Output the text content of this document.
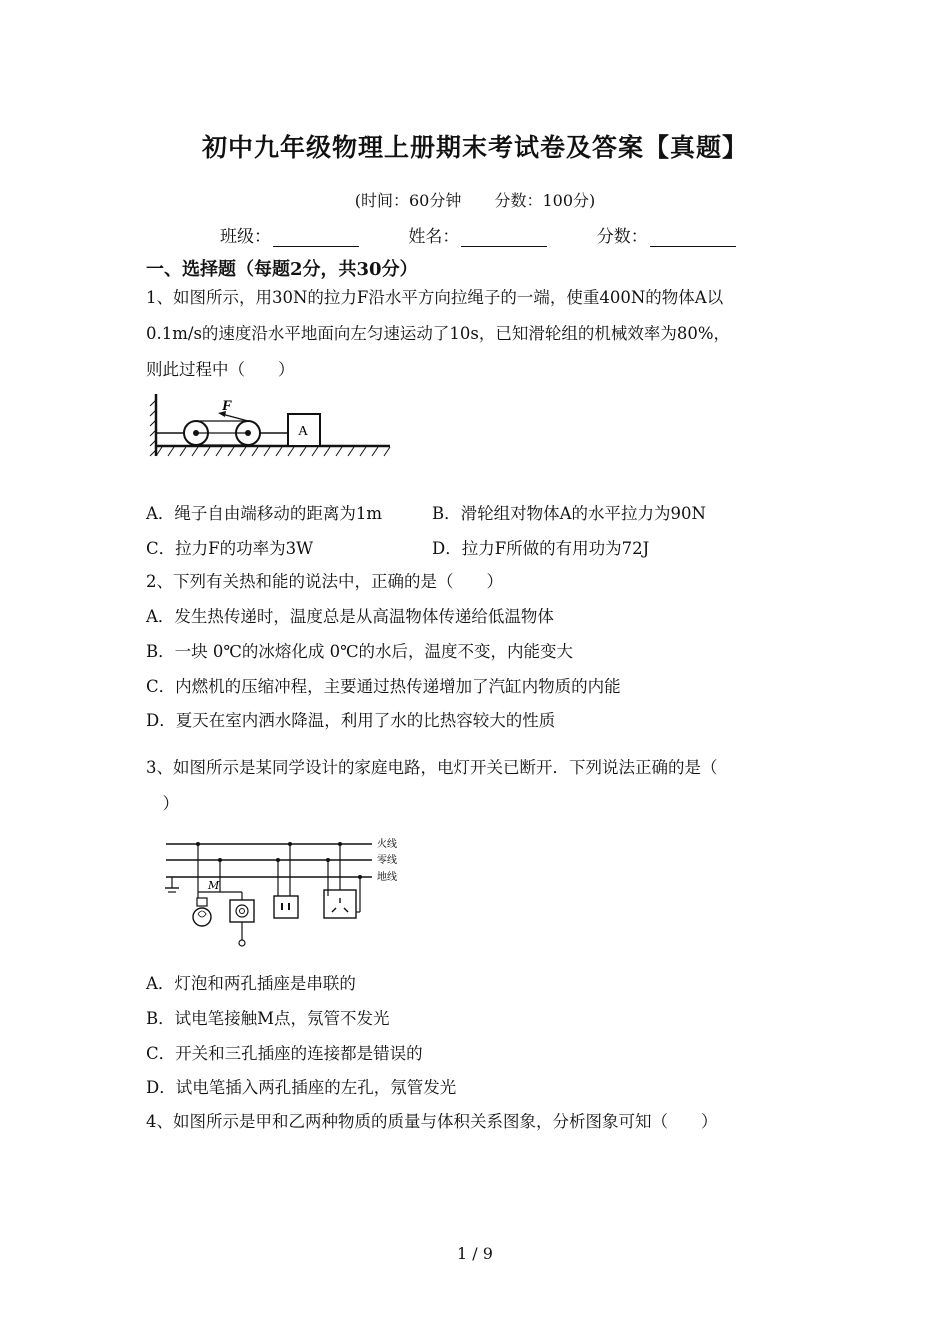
初中九年级物理上册期末考试卷及答案【真题】
(时间：60分钟 分数：100分)
班级：	姓名：	分数：
一、选择题（每题2分，共30分）
1、如图所示，用30N的拉力F沿水平方向拉绳子的一端，使重400N的物体A以
0.1m/s的速度沿水平地面向左匀速运动了10s，已知滑轮组的机械效率为80%，
则此过程中（　　）
F
A
A．绳子自由端移动的距离为1m	B．滑轮组对物体A的水平拉力为90N
C．拉力F的功率为3W	D．拉力F所做的有用功为72J
2、下列有关热和能的说法中，正确的是（　　）
A．发生热传递时，温度总是从高温物体传递给低温物体
B．一块 0℃的冰熔化成 0℃的水后，温度不变，内能变大
C．内燃机的压缩冲程，主要通过热传递增加了汽缸内物质的内能
D．夏天在室内洒水降温，利用了水的比热容较大的性质
3、如图所示是某同学设计的家庭电路，电灯开关已断开．下列说法正确的是（
　）
火线
零线
地线
M
A．灯泡和两孔插座是串联的
B．试电笔接触M点，氖管不发光
C．开关和三孔插座的连接都是错误的
D．试电笔插入两孔插座的左孔，氖管发光
4、如图所示是甲和乙两种物质的质量与体积关系图象，分析图象可知（　　）
1 / 9
